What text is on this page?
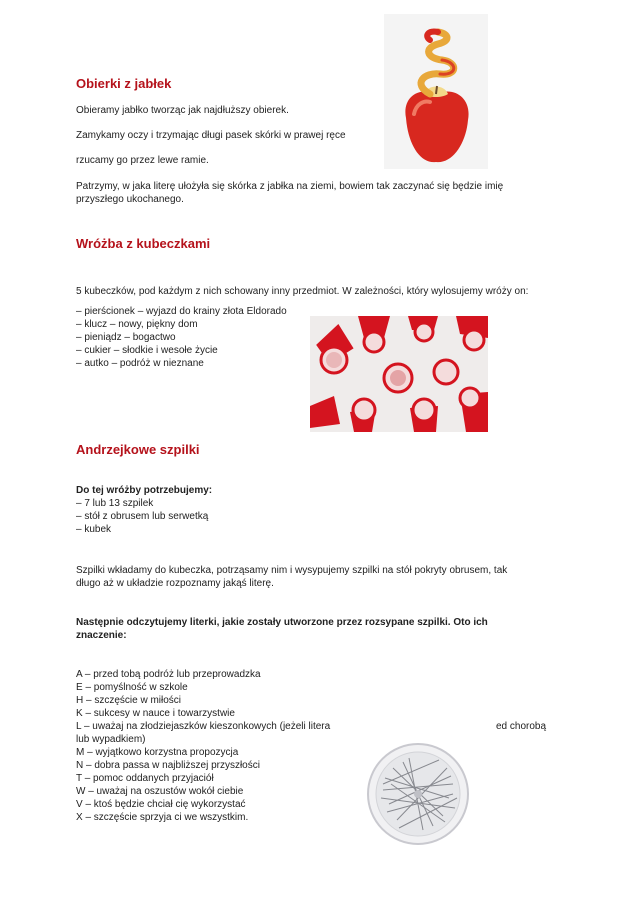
Obierki z jabłek
Obieramy jabłko tworząc jak najdłuższy obierek.
Zamykamy oczy i trzymając długi pasek skórki w prawej ręce
rzucamy go przez lewe ramie.
Patrzymy, w jaka literę ułożyła się skórka z jabłka na ziemi, bowiem tak zaczynać się będzie imię
przyszłego ukochanego.
Wróżba z kubeczkami
5 kubeczków, pod każdym z nich schowany inny przedmiot. W zależności, który wylosujemy wróży on:
– pierścionek – wyjazd do krainy złota Eldorado
– klucz – nowy, piękny dom
– pieniądz – bogactwo
– cukier – słodkie i wesołe życie
– autko – podróż w nieznane
Andrzejkowe szpilki
Do tej wróżby potrzebujemy:
– 7 lub 13 szpilek
– stół z obrusem lub serwetką
– kubek
Szpilki wkładamy do kubeczka, potrząsamy nim i wysypujemy szpilki na stół pokryty obrusem, tak
długo aż w układzie rozpoznamy jakąś literę.
Następnie odczytujemy literki, jakie zostały utworzone przez rozsypane szpilki. Oto ich
znaczenie:
A – przed tobą podróż lub przeprowadzka
E – pomyślność w szkole
H – szczęście w miłości
K – sukcesy w nauce i towarzystwie
L – uważaj na złodziejaszków kieszonkowych (jeżeli litera	ed chorobą
lub wypadkiem)
M – wyjątkowo korzystna propozycja
N – dobra passa w najbliższej przyszłości
T – pomoc oddanych przyjaciół
W – uważaj na oszustów wokół ciebie
V – ktoś będzie chciał cię wykorzystać
X – szczęście sprzyja ci we wszystkim.
